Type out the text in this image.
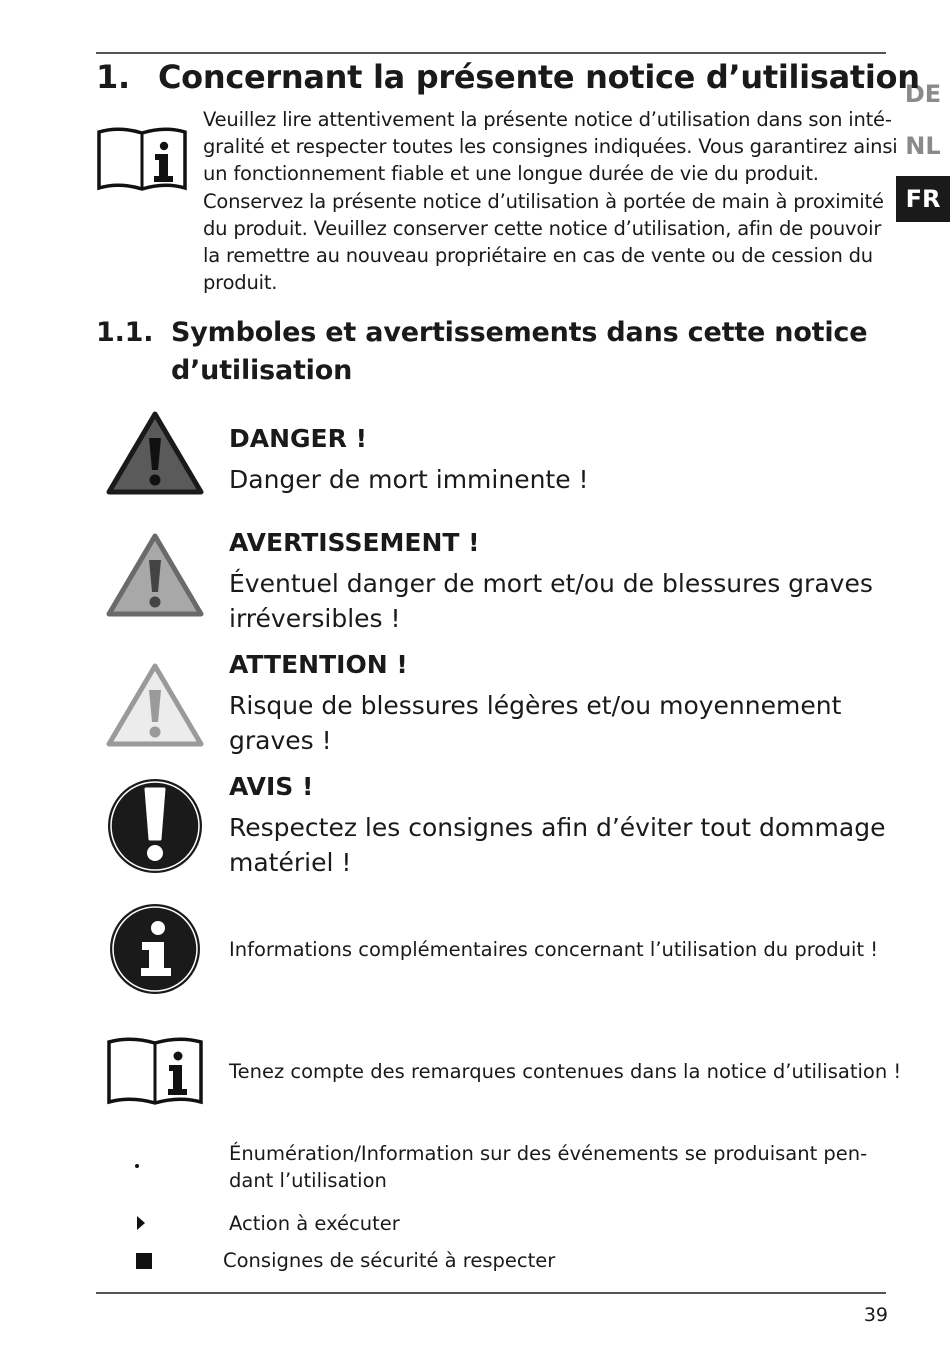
DE
NL
FR
1. Concernant la présente notice d’utilisation
Veuillez lire attentivement la présente notice d’utilisation dans son inté-
gralité et respecter toutes les consignes indiquées. Vous garantirez ainsi
un fonctionnement fiable et une longue durée de vie du produit.
Conservez la présente notice d’utilisation à portée de main à proximité
du produit. Veuillez conserver cette notice d’utilisation, afin de pouvoir
la remettre au nouveau propriétaire en cas de vente ou de cession du
produit.
1.1. Symboles et avertissements dans cette notice
d’utilisation
DANGER !
Danger de mort imminente !
AVERTISSEMENT !
Éventuel danger de mort et/ou de blessures graves
irréversibles !
ATTENTION !
Risque de blessures légères et/ou moyennement
graves !
AVIS !
Respectez les consignes afin d’éviter tout dommage
matériel !
Informations complémentaires concernant l’utilisation du produit !
Tenez compte des remarques contenues dans la notice d’utilisation !
Énumération/Information sur des événements se produisant pen-
dant l’utilisation
Action à exécuter
Consignes de sécurité à respecter
39
